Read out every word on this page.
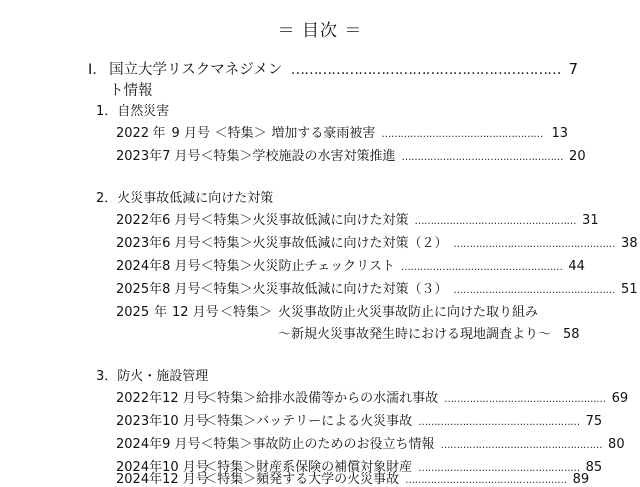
＝ 目次 ＝
Ⅰ. 国立大学リスクマネジメント情報
…………………………………………………… 7
1．自然災害
2022 年 9 月号 ＜特集＞ 増加する豪雨被害 …………………………………………… 13
2023 年 7 月号 ＜特集＞ 学校施設の水害対策推進 …………………………………………… 20
2．火災事故低減に向けた対策
2022 年 6 月号 ＜特集＞ 火災事故低減に向けた対策 …………………………………………… 31
2023 年 6 月号 ＜特集＞ 火災事故低減に向けた対策（２） …………………………………………… 38
2024 年 8 月号 ＜特集＞ 火災防止チェックリスト …………………………………………… 44
2025 年 8 月号 ＜特集＞ 火災事故低減に向けた対策（３） …………………………………………… 51
2025 年 12 月号 ＜特集＞ 火災事故防止火災事故防止に向けた取り組み
～新規火災事故発生時における現地調査より～ 58
3．防火・施設管理
2022 年 12 月号
＜特集＞ 給排水設備等からの水濡れ事故 …………………………………………… 69
2023 年 10 月号
＜特集＞ バッテリーによる火災事故 …………………………………………… 75
2024 年 9 月号 ＜特集＞ 事故防止のためのお役立ち情報 …………………………………………… 80
2024 年 10 月号
＜特集＞ 財産系保険の補償対象財産 …………………………………………… 85
2024 年 12 月号
＜特集＞ 頻発する大学の火災事故 …………………………………………… 89
